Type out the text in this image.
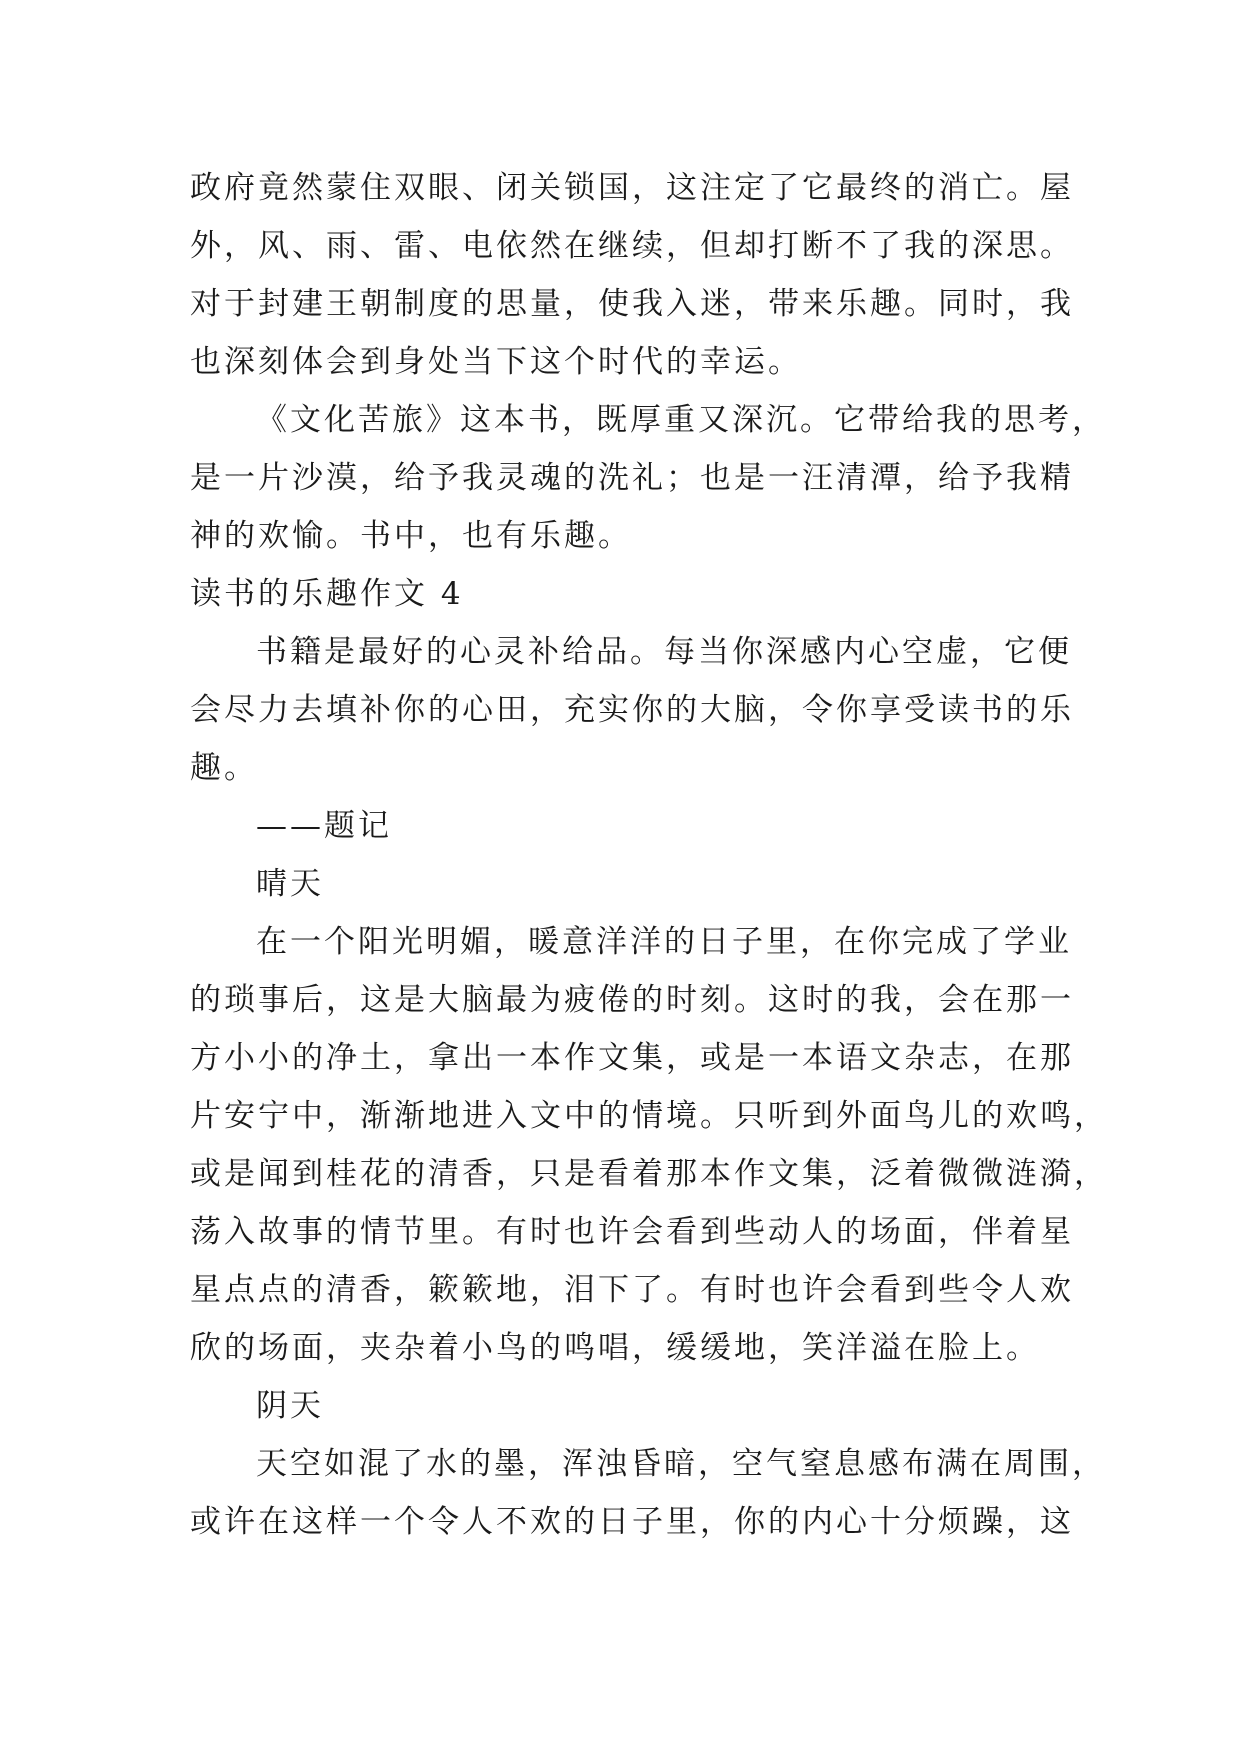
政府竟然蒙住双眼、闭关锁国，这注定了它最终的消亡。屋
外，风、雨、雷、电依然在继续，但却打断不了我的深思。
对于封建王朝制度的思量，使我入迷，带来乐趣。同时，我
也深刻体会到身处当下这个时代的幸运。
《文化苦旅》这本书，既厚重又深沉。它带给我的思考，
是一片沙漠，给予我灵魂的洗礼；也是一汪清潭，给予我精
神的欢愉。书中，也有乐趣。
读书的乐趣作文 4
书籍是最好的心灵补给品。每当你深感内心空虚，它便
会尽力去填补你的心田，充实你的大脑，令你享受读书的乐
趣。
——题记
晴天
在一个阳光明媚，暖意洋洋的日子里，在你完成了学业
的琐事后，这是大脑最为疲倦的时刻。这时的我，会在那一
方小小的净土，拿出一本作文集，或是一本语文杂志，在那
片安宁中，渐渐地进入文中的情境。只听到外面鸟儿的欢鸣，
或是闻到桂花的清香，只是看着那本作文集，泛着微微涟漪，
荡入故事的情节里。有时也许会看到些动人的场面，伴着星
星点点的清香，簌簌地，泪下了。有时也许会看到些令人欢
欣的场面，夹杂着小鸟的鸣唱，缓缓地，笑洋溢在脸上。
阴天
天空如混了水的墨，浑浊昏暗，空气窒息感布满在周围，
或许在这样一个令人不欢的日子里，你的内心十分烦躁，这
